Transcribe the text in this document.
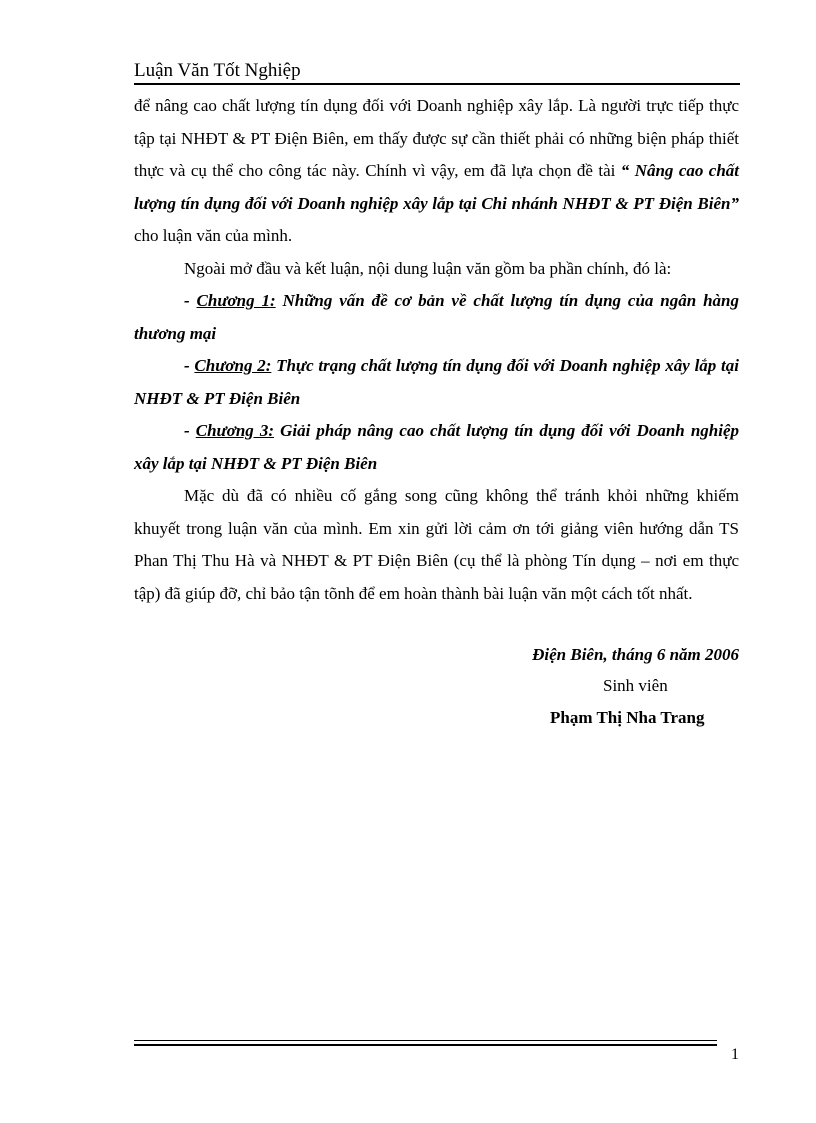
Luận Văn Tốt Nghiệp

để nâng cao chất lượng tín dụng đối với Doanh nghiệp xây lắp. Là người trực tiếp thực tập tại NHĐT & PT Điện Biên, em thấy được sự cần thiết phải có những biện pháp thiết thực và cụ thể cho công tác này. Chính vì vậy, em đã lựa chọn đề tài “ Nâng cao chất lượng tín dụng đối với Doanh nghiệp xây lắp tại Chi nhánh NHĐT & PT Điện Biên” cho luận văn của mình.

Ngoài mở đầu và kết luận, nội dung luận văn gồm ba phần chính, đó là:

- Chương 1: Những vấn đề cơ bản về chất lượng tín dụng của ngân hàng thương mại

- Chương 2: Thực trạng chất lượng tín dụng đối với Doanh nghiệp xây lắp tại NHĐT & PT Điện Biên

- Chương 3: Giải pháp nâng cao chất lượng tín dụng đối với Doanh nghiệp xây lắp tại NHĐT & PT Điện Biên

Mặc dù đã có nhiều cố gắng song cũng không thể tránh khỏi những khiếm khuyết trong luận văn của mình. Em xin gửi lời cảm ơn tới giảng viên hướng dẫn TS Phan Thị Thu Hà và NHĐT & PT Điện Biên (cụ thể là phòng Tín dụng – nơi em thực tập) đã giúp đỡ, chỉ bảo tận tõnh để em hoàn thành bài luận văn một cách tốt nhất.

Điện Biên, tháng 6 năm 2006
Sinh viên
Phạm Thị Nha Trang
1
